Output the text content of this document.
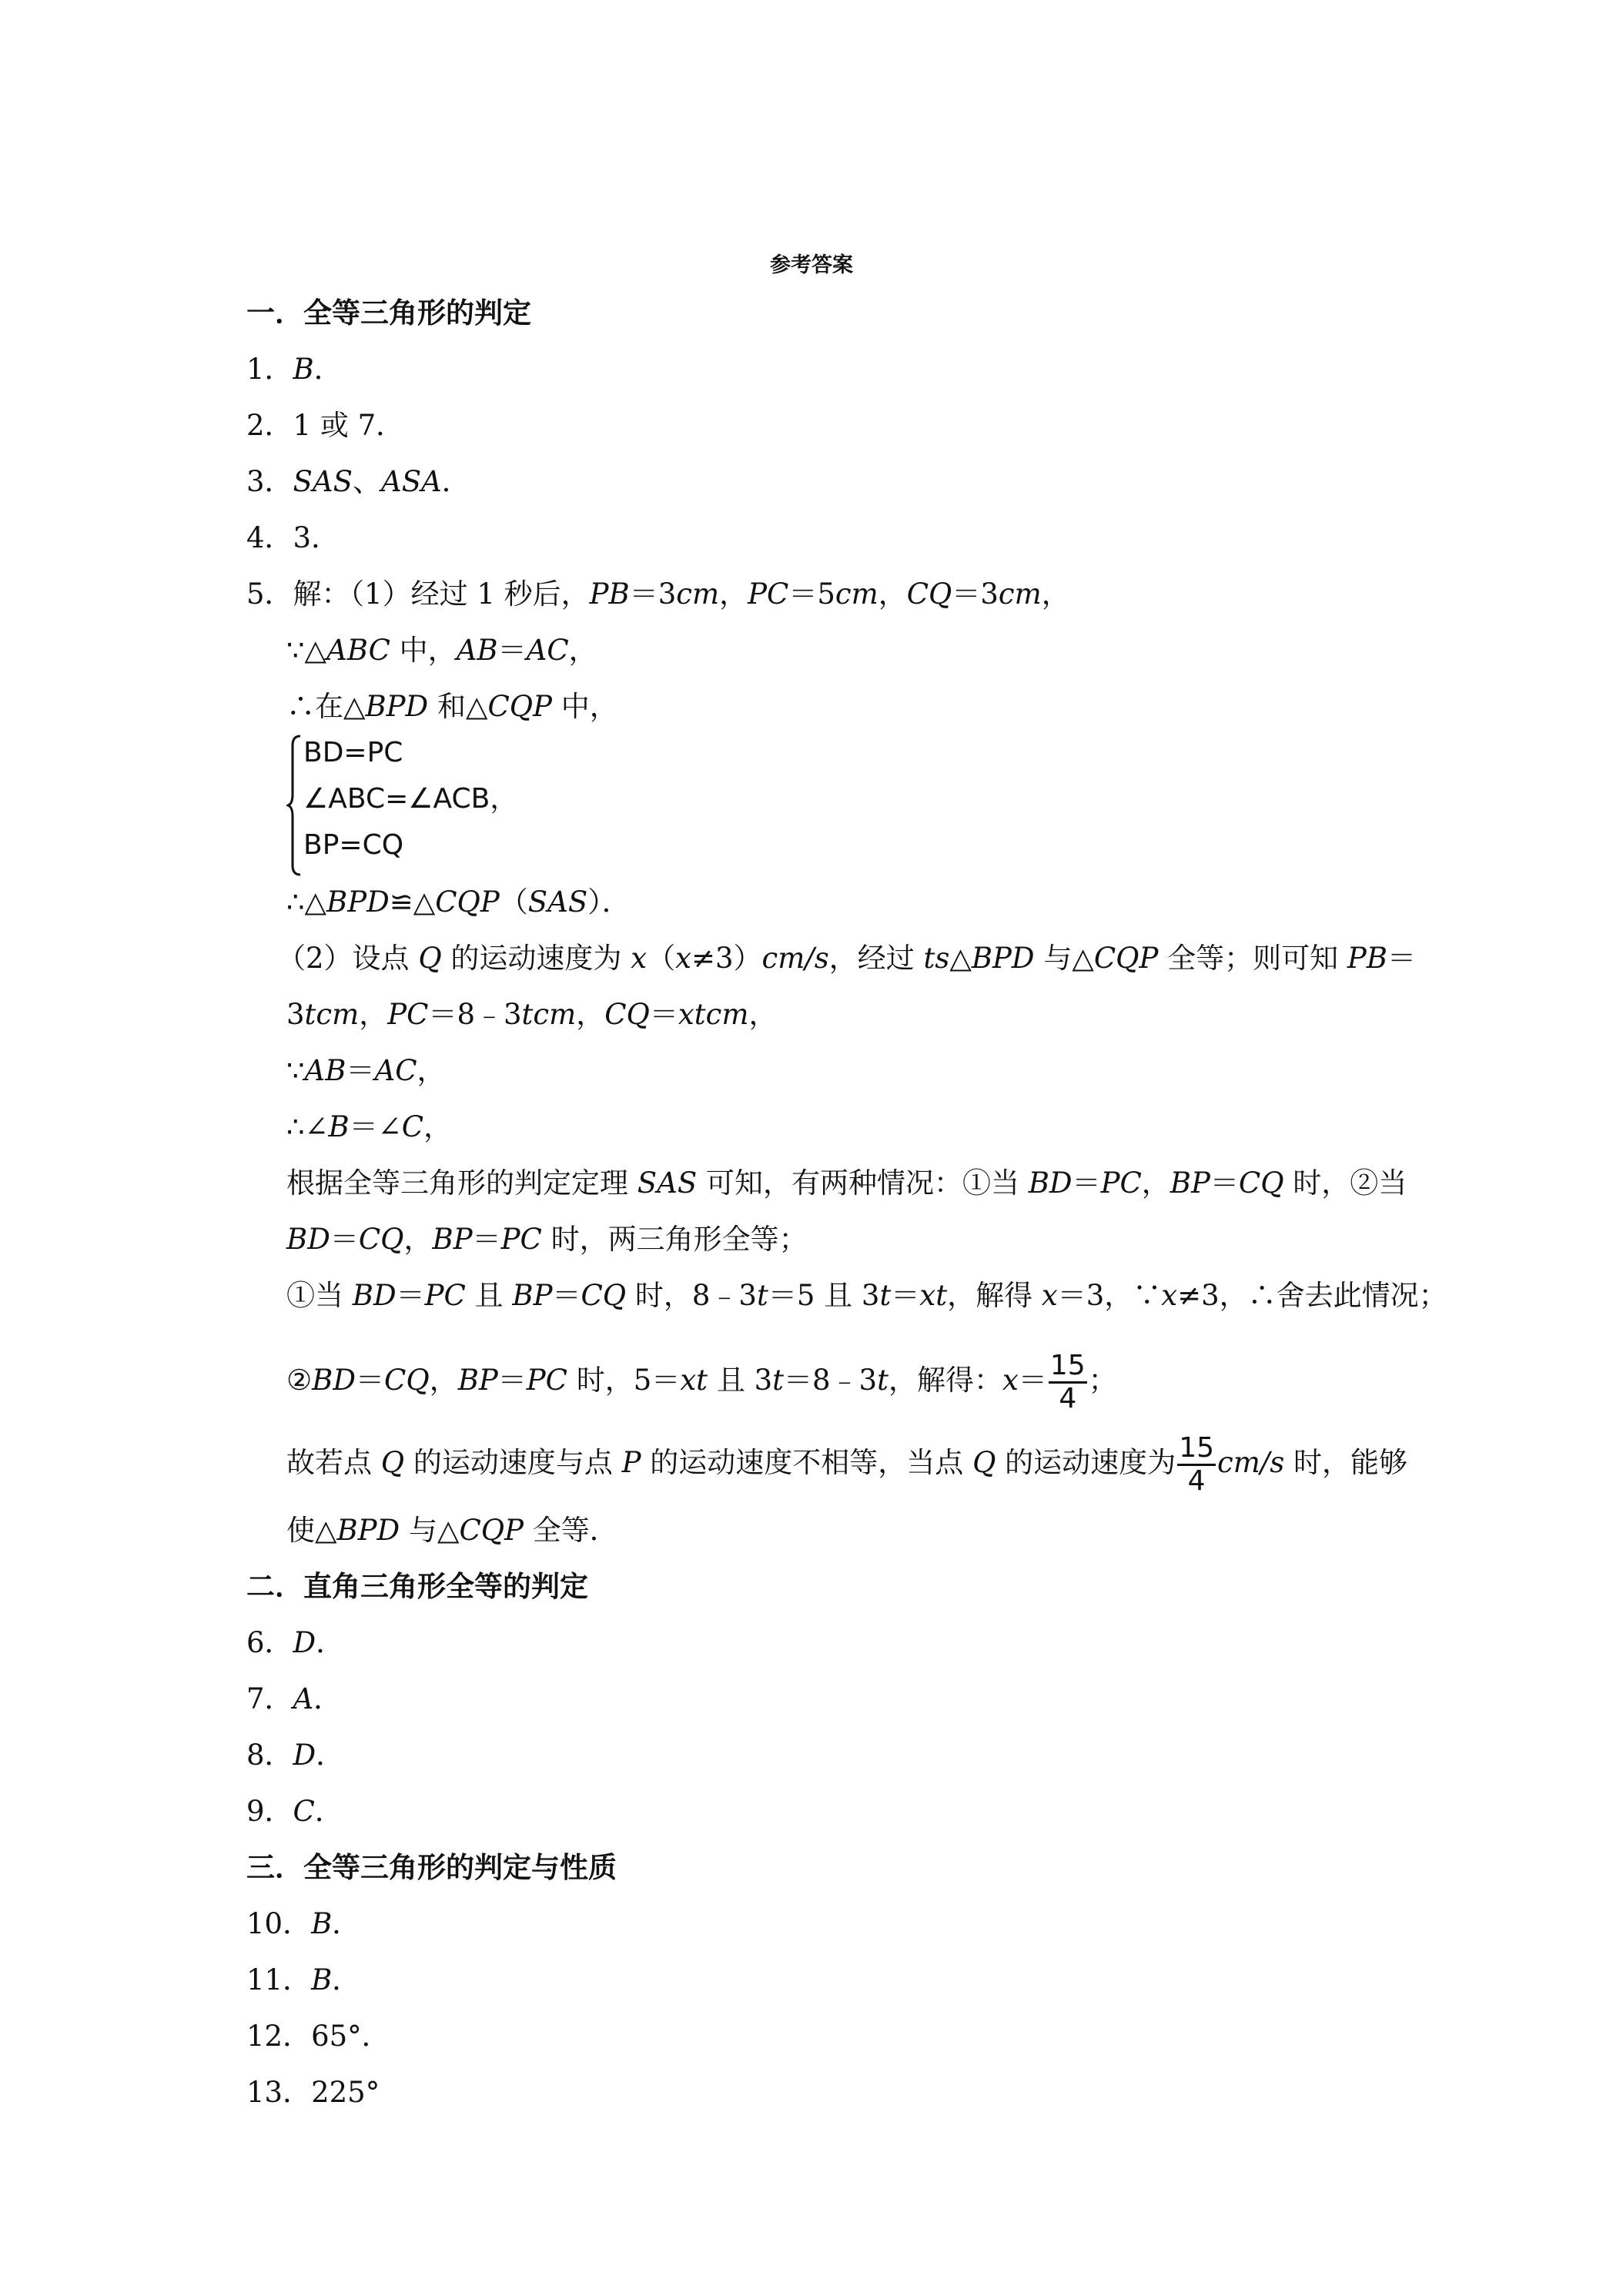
参考答案
一．全等三角形的判定
1．B．
2．1 或 7．
3．SAS、ASA．
4．3．
5．解：（1）经过 1 秒后，PB＝3cm，PC＝5cm，CQ＝3cm，
∵△ABC 中，AB＝AC，
∴在△BPD 和△CQP 中，
BD=PC
∠ABC=∠ACB，
BP=CQ
∴△BPD≌△CQP（SAS）．
（2）设点 Q 的运动速度为 x（x≠3）cm/s，经过 ts△BPD 与△CQP 全等；则可知 PB＝
3tcm，PC＝8﹣3tcm，CQ＝xtcm，
∵AB＝AC，
∴∠B＝∠C，
根据全等三角形的判定定理 SAS 可知，有两种情况：①当 BD＝PC，BP＝CQ 时，②当
BD＝CQ，BP＝PC 时，两三角形全等；
①当 BD＝PC 且 BP＝CQ 时，8﹣3t＝5 且 3t＝xt，解得 x＝3，∵x≠3，∴舍去此情况；
②BD＝CQ，BP＝PC 时，5＝xt 且 3t＝8﹣3t，解得：$x= \frac{15}{4}$ ；
故若点 Q 的运动速度与点 P 的运动速度不相等，当点 Q 的运动速度为 $\frac{15}{4} cm/s$ 时，能够
使△BPD 与△CQP 全等．
二．直角三角形全等的判定
6．D．
7．A．
8．D．
9．C．
三．全等三角形的判定与性质
10．B．
11．B．
12．65°．
13．225°
